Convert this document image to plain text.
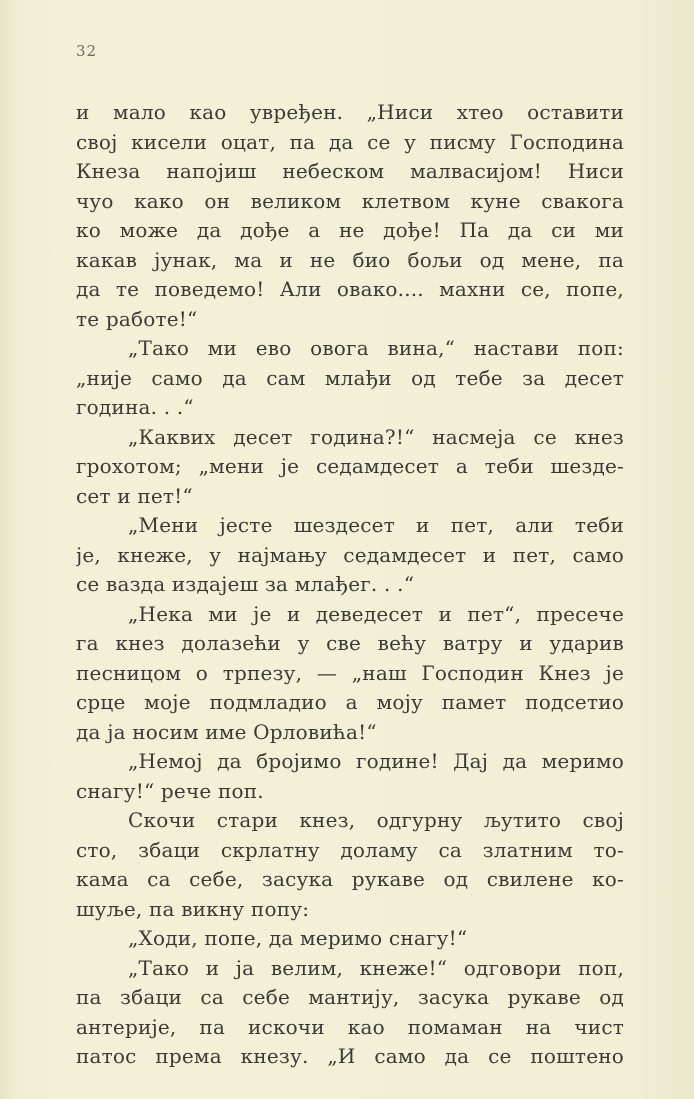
32
и мало као увређен. „Ниси хтео оставити
свој кисели оцат, па да се у писму Господина
Кнеза напојиш небеском малвасијом! Ниси
чуо како он великом клетвом куне свакога
ко може да дође а не дође! Па да си ми
какав јунак, ма и не био бољи од мене, па
да те поведемо! Али овако.... махни се, попе,
те работе!“
„Тако ми ево овога вина,“ настави поп:
„није само да сам млађи од тебе за десет
година. . .“
„Каквих десет година?!“ насмеја се кнез
грохотом; „мени је седамдесет а теби шезде-
сет и пет!“
„Мени јесте шездесет и пет, али теби
је, кнеже, у најмању седамдесет и пет, само
се вазда издајеш за млађег. . .“
„Нека ми је и деведесет и пет“, пресече
га кнез долазећи у све већу ватру и ударив
песницом о трпезу, — „наш Господин Кнез је
срце моје подмладио а моју памет подсетио
да ја носим име Орловића!“
„Немој да бројимо године! Дај да меримо
снагу!“ рече поп.
Скочи стари кнез, одгурну љутито свој
сто, збаци скрлатну доламу са златним то-
кама са себе, засука рукаве од свилене ко-
шуље, па викну попу:
„Ходи, попе, да меримо снагу!“
„Тако и ја велим, кнеже!“ одговори поп,
па збаци са себе мантију, засука рукаве од
антерије, па искочи као помаман на чист
патос према кнезу. „И само да се поштено
